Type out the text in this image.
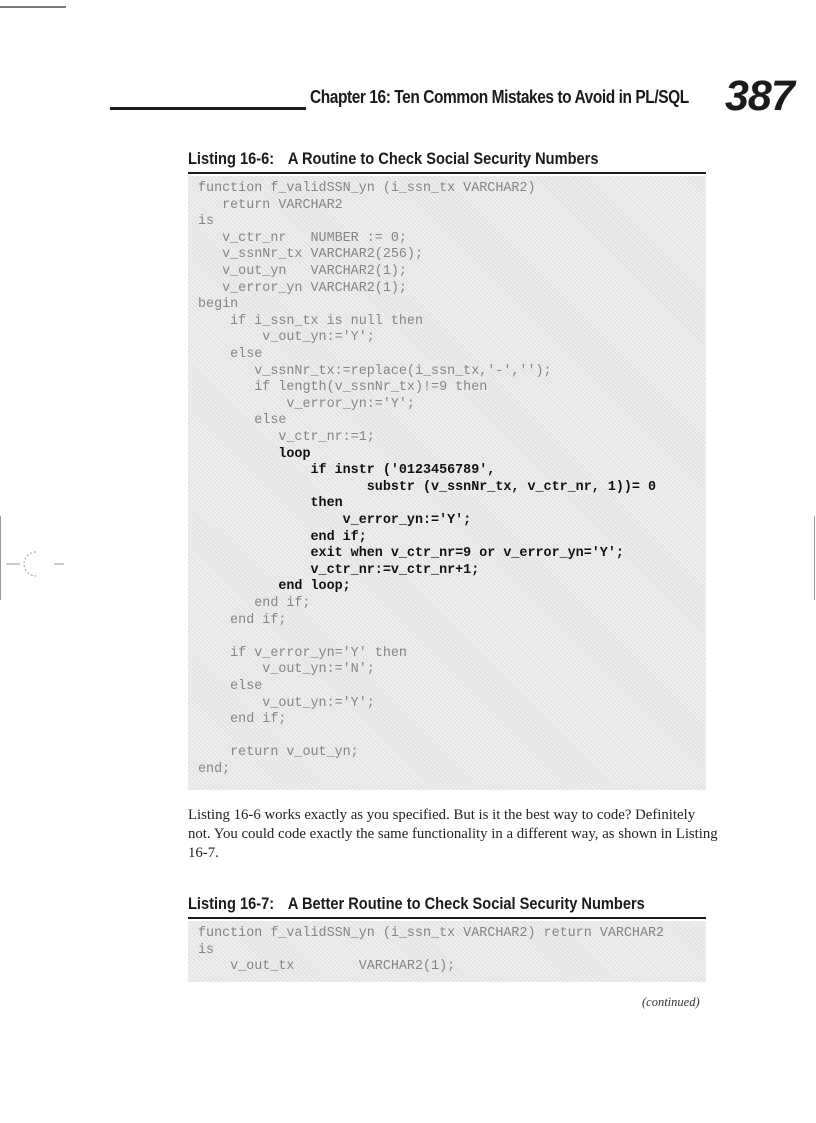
Chapter 16: Ten Common Mistakes to Avoid in PL/SQL 387
Listing 16-6: A Routine to Check Social Security Numbers
function f_validSSN_yn (i_ssn_tx VARCHAR2)
return VARCHAR2
is
v_ctr_nr   NUMBER := 0;
v_ssnNr_tx VARCHAR2(256);
v_out_yn   VARCHAR2(1);
v_error_yn VARCHAR2(1);
begin
if i_ssn_tx is null then
v_out_yn:='Y';
else
v_ssnNr_tx:=replace(i_ssn_tx,'-','');
if length(v_ssnNr_tx)!=9 then
v_error_yn:='Y';
else
v_ctr_nr:=1;
loop
if instr ('0123456789',
substr (v_ssnNr_tx, v_ctr_nr, 1))= 0
then
v_error_yn:='Y';
end if;
exit when v_ctr_nr=9 or v_error_yn='Y';
v_ctr_nr:=v_ctr_nr+1;
end loop;
end if;
end if;
if v_error_yn='Y' then
v_out_yn:='N';
else
v_out_yn:='Y';
end if;
return v_out_yn;
end;
Listing 16-6 works exactly as you specified. But is it the best way to code? Definitely not. You could code exactly the same functionality in a different way, as shown in Listing 16-7.
Listing 16-7: A Better Routine to Check Social Security Numbers
function f_validSSN_yn (i_ssn_tx VARCHAR2) return VARCHAR2
is
v_out_tx        VARCHAR2(1);
(continued)
